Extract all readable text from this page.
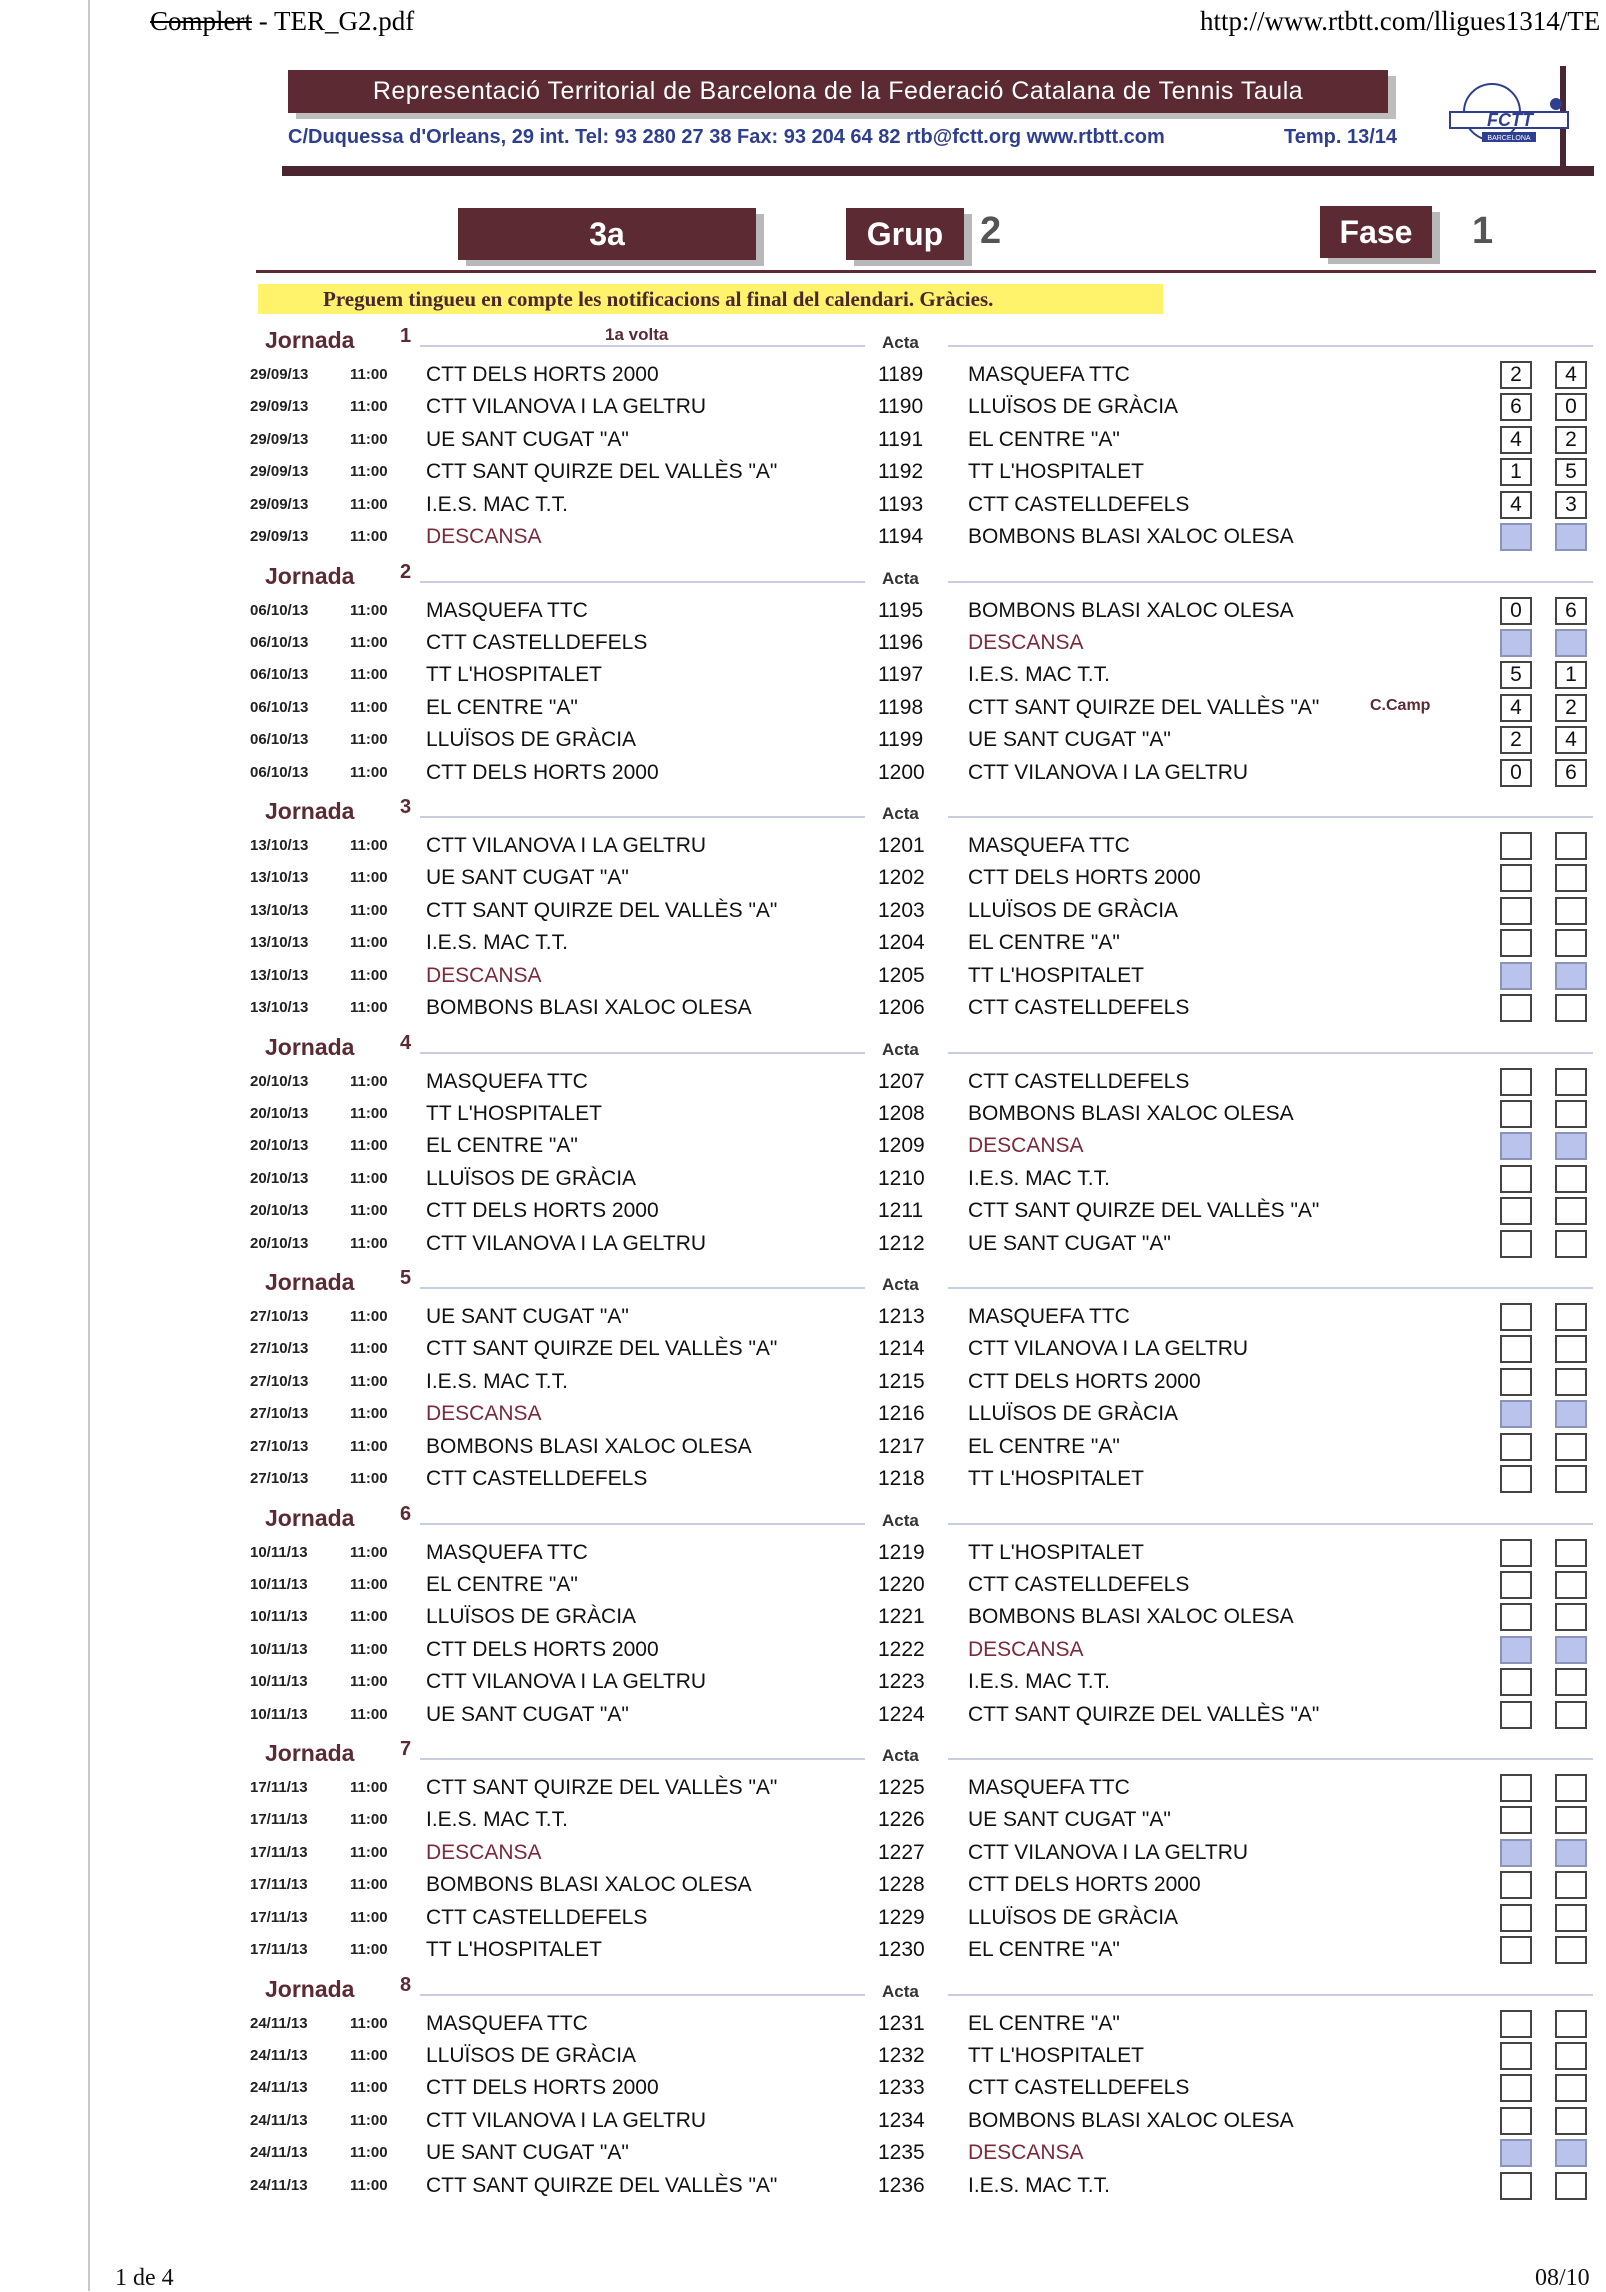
Complert - TER_G2.pdf	http://www.rtbtt.com/lligues1314/TE
Representació Territorial de Barcelona de la Federació Catalana de Tennis Taula
C/Duquessa d'Orleans, 29 int. Tel: 93 280 27 38 Fax: 93 204 64 82 rtb@fctt.org www.rtbtt.com	Temp. 13/14
FCTT
BARCELONA
3a	Grup 2	Fase	1
Preguem tingueu en compte les notificacions al final del calendari. Gràcies.
Jornada 1	1a volta	Acta
29/09/13	11:00 CTT DELS HORTS 2000	1189 MASQUEFA TTC	2	4
29/09/13	11:00 CTT VILANOVA I LA GELTRU	1190 LLUÏSOS DE GRÀCIA	6	0
29/09/13	11:00 UE SANT CUGAT "A"	1191 EL CENTRE "A"	4	2
29/09/13	11:00 CTT SANT QUIRZE DEL VALLÈS "A"	1192 TT L'HOSPITALET	1	5
29/09/13	11:00 I.E.S. MAC T.T.	1193 CTT CASTELLDEFELS	4	3
29/09/13	11:00 DESCANSA	1194 BOMBONS BLASI XALOC OLESA
Jornada 2	Acta
06/10/13	11:00 MASQUEFA TTC	1195 BOMBONS BLASI XALOC OLESA	0	6
06/10/13	11:00 CTT CASTELLDEFELS	1196 DESCANSA
06/10/13	11:00 TT L'HOSPITALET	1197 I.E.S. MAC T.T.	5	1
06/10/13	11:00 EL CENTRE "A"	1198 CTT SANT QUIRZE DEL VALLÈS "A"	C.Camp	4	2
06/10/13	11:00 LLUÏSOS DE GRÀCIA	1199 UE SANT CUGAT "A"	2	4
06/10/13	11:00 CTT DELS HORTS 2000	1200 CTT VILANOVA I LA GELTRU	0	6
Jornada 3	Acta
13/10/13	11:00 CTT VILANOVA I LA GELTRU	1201 MASQUEFA TTC
13/10/13	11:00 UE SANT CUGAT "A"	1202 CTT DELS HORTS 2000
13/10/13	11:00 CTT SANT QUIRZE DEL VALLÈS "A"	1203 LLUÏSOS DE GRÀCIA
13/10/13	11:00 I.E.S. MAC T.T.	1204 EL CENTRE "A"
13/10/13	11:00 DESCANSA	1205 TT L'HOSPITALET
13/10/13	11:00 BOMBONS BLASI XALOC OLESA	1206 CTT CASTELLDEFELS
Jornada 4	Acta
20/10/13	11:00 MASQUEFA TTC	1207 CTT CASTELLDEFELS
20/10/13	11:00 TT L'HOSPITALET	1208 BOMBONS BLASI XALOC OLESA
20/10/13	11:00 EL CENTRE "A"	1209 DESCANSA
20/10/13	11:00 LLUÏSOS DE GRÀCIA	1210 I.E.S. MAC T.T.
20/10/13	11:00 CTT DELS HORTS 2000	1211 CTT SANT QUIRZE DEL VALLÈS "A"
20/10/13	11:00 CTT VILANOVA I LA GELTRU	1212 UE SANT CUGAT "A"
Jornada 5	Acta
27/10/13	11:00 UE SANT CUGAT "A"	1213 MASQUEFA TTC
27/10/13	11:00 CTT SANT QUIRZE DEL VALLÈS "A"	1214 CTT VILANOVA I LA GELTRU
27/10/13	11:00 I.E.S. MAC T.T.	1215 CTT DELS HORTS 2000
27/10/13	11:00 DESCANSA	1216 LLUÏSOS DE GRÀCIA
27/10/13	11:00 BOMBONS BLASI XALOC OLESA	1217 EL CENTRE "A"
27/10/13	11:00 CTT CASTELLDEFELS	1218 TT L'HOSPITALET
Jornada 6	Acta
10/11/13	11:00 MASQUEFA TTC	1219 TT L'HOSPITALET
10/11/13	11:00 EL CENTRE "A"	1220 CTT CASTELLDEFELS
10/11/13	11:00 LLUÏSOS DE GRÀCIA	1221 BOMBONS BLASI XALOC OLESA
10/11/13	11:00 CTT DELS HORTS 2000	1222 DESCANSA
10/11/13	11:00 CTT VILANOVA I LA GELTRU	1223 I.E.S. MAC T.T.
10/11/13	11:00 UE SANT CUGAT "A"	1224 CTT SANT QUIRZE DEL VALLÈS "A"
Jornada 7	Acta
17/11/13	11:00 CTT SANT QUIRZE DEL VALLÈS "A"	1225 MASQUEFA TTC
17/11/13	11:00 I.E.S. MAC T.T.	1226 UE SANT CUGAT "A"
17/11/13	11:00 DESCANSA	1227 CTT VILANOVA I LA GELTRU
17/11/13	11:00 BOMBONS BLASI XALOC OLESA	1228 CTT DELS HORTS 2000
17/11/13	11:00 CTT CASTELLDEFELS	1229 LLUÏSOS DE GRÀCIA
17/11/13	11:00 TT L'HOSPITALET	1230 EL CENTRE "A"
Jornada 8	Acta
24/11/13	11:00 MASQUEFA TTC	1231 EL CENTRE "A"
24/11/13	11:00 LLUÏSOS DE GRÀCIA	1232 TT L'HOSPITALET
24/11/13	11:00 CTT DELS HORTS 2000	1233 CTT CASTELLDEFELS
24/11/13	11:00 CTT VILANOVA I LA GELTRU	1234 BOMBONS BLASI XALOC OLESA
24/11/13	11:00 UE SANT CUGAT "A"	1235 DESCANSA
24/11/13	11:00 CTT SANT QUIRZE DEL VALLÈS "A"	1236 I.E.S. MAC T.T.
1 de 4	08/10
